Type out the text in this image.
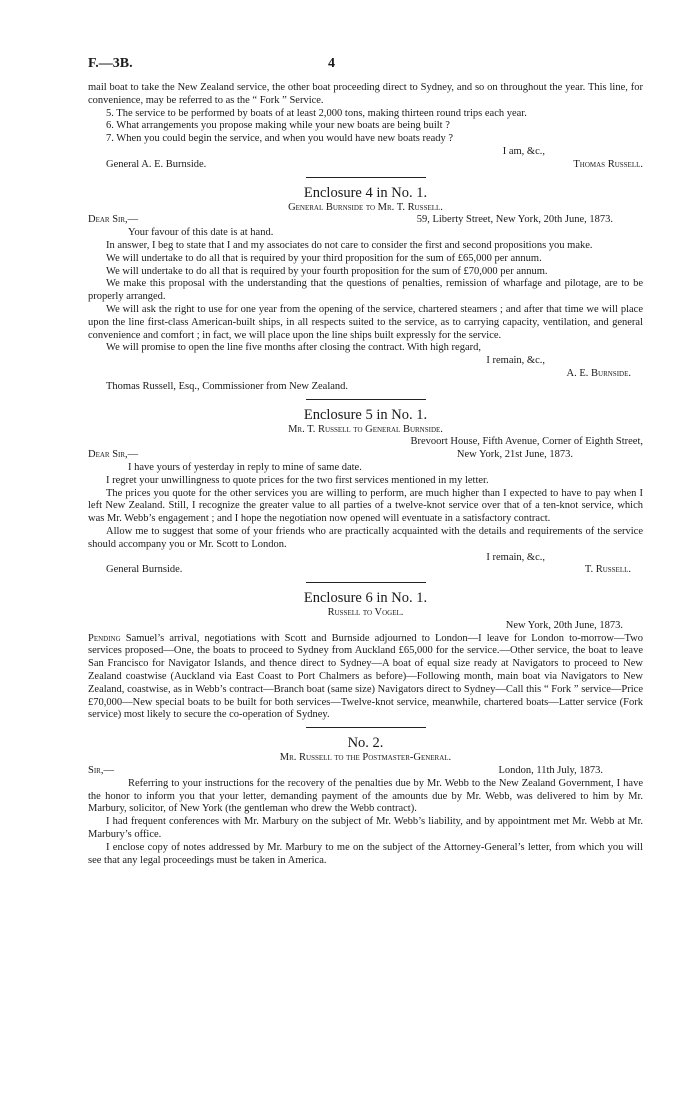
F.—3B.	4

mail boat to take the New Zealand service, the other boat proceeding direct to Sydney, and so on throughout the year. This line, for convenience, may be referred to as the “ Fork ” Service.

5. The service to be performed by boats of at least 2,000 tons, making thirteen round trips each year.

6. What arrangements you propose making while your new boats are being built ?

7. When you could begin the service, and when you would have new boats ready ?

I am, &c.,

General A. E. Burnside.	Thomas Russell.
Enclosure 4 in No. 1.
General Burnside to Mr. T. Russell.
Dear Sir,—	59, Liberty Street, New York, 20th June, 1873.

Your favour of this date is at hand.

In answer, I beg to state that I and my associates do not care to consider the first and second propositions you make.

We will undertake to do all that is required by your third proposition for the sum of £65,000 per annum.

We will undertake to do all that is required by your fourth proposition for the sum of £70,000 per annum.

We make this proposal with the understanding that the questions of penalties, remission of wharfage and pilotage, are to be properly arranged.

We will ask the right to use for one year from the opening of the service, chartered steamers ; and after that time we will place upon the line first-class American-built ships, in all respects suited to the service, as to carrying capacity, ventilation, and general convenience and comfort ; in fact, we will place upon the line ships built expressly for the service.

We will promise to open the line five months after closing the contract. With high regard,

I remain, &c.,

A. E. Burnside.

Thomas Russell, Esq., Commissioner from New Zealand.

Enclosure 5 in No. 1.
Mr. T. Russell to General Burnside.

Brevoort House, Fifth Avenue, Corner of Eighth Street,

Dear Sir,—	New York, 21st June, 1873.

I have yours of yesterday in reply to mine of same date.

I regret your unwillingness to quote prices for the two first services mentioned in my letter.

The prices you quote for the other services you are willing to perform, are much higher than I expected to have to pay when I left New Zealand. Still, I recognize the greater value to all parties of a twelve-knot service over that of a ten-knot service, which was Mr. Webb’s engagement ; and I hope the negotiation now opened will eventuate in a satisfactory contract.

Allow me to suggest that some of your friends who are practically acquainted with the details and requirements of the service should accompany you or Mr. Scott to London.

I remain, &c.,

General Burnside.	T. Russell.
Enclosure 6 in No. 1.
Russell to Vogel.

New York, 20th June, 1873.

Pending Samuel’s arrival, negotiations with Scott and Burnside adjourned to London—I leave for London to-morrow—Two services proposed—One, the boats to proceed to Sydney from Auckland £65,000 for the service.—Other service, the boat to leave San Francisco for Navigator Islands, and thence direct to Sydney—A boat of equal size ready at Navigators to proceed to New Zealand coastwise (Auckland via East Coast to Port Chalmers as before)—Following month, main boat via Navigators to New Zealand, coastwise, as in Webb’s contract—Branch boat (same size) Navigators direct to Sydney—Call this “ Fork ” service—Price £70,000—New special boats to be built for both services—Twelve-knot service, meanwhile, chartered boats—Latter service (Fork service) most likely to secure the co-operation of Sydney.

No. 2.
Mr. Russell to the Postmaster-General.
Sir,—	London, 11th July, 1873.

Referring to your instructions for the recovery of the penalties due by Mr. Webb to the New Zealand Government, I have the honor to inform you that your letter, demanding payment of the amounts due by Mr. Webb, was delivered to him by Mr. Marbury, solicitor, of New York (the gentleman who drew the Webb contract).

I had frequent conferences with Mr. Marbury on the subject of Mr. Webb’s liability, and by appointment met Mr. Webb at Mr. Marbury’s office.

I enclose copy of notes addressed by Mr. Marbury to me on the subject of the Attorney-General’s letter, from which you will see that any legal proceedings must be taken in America.
